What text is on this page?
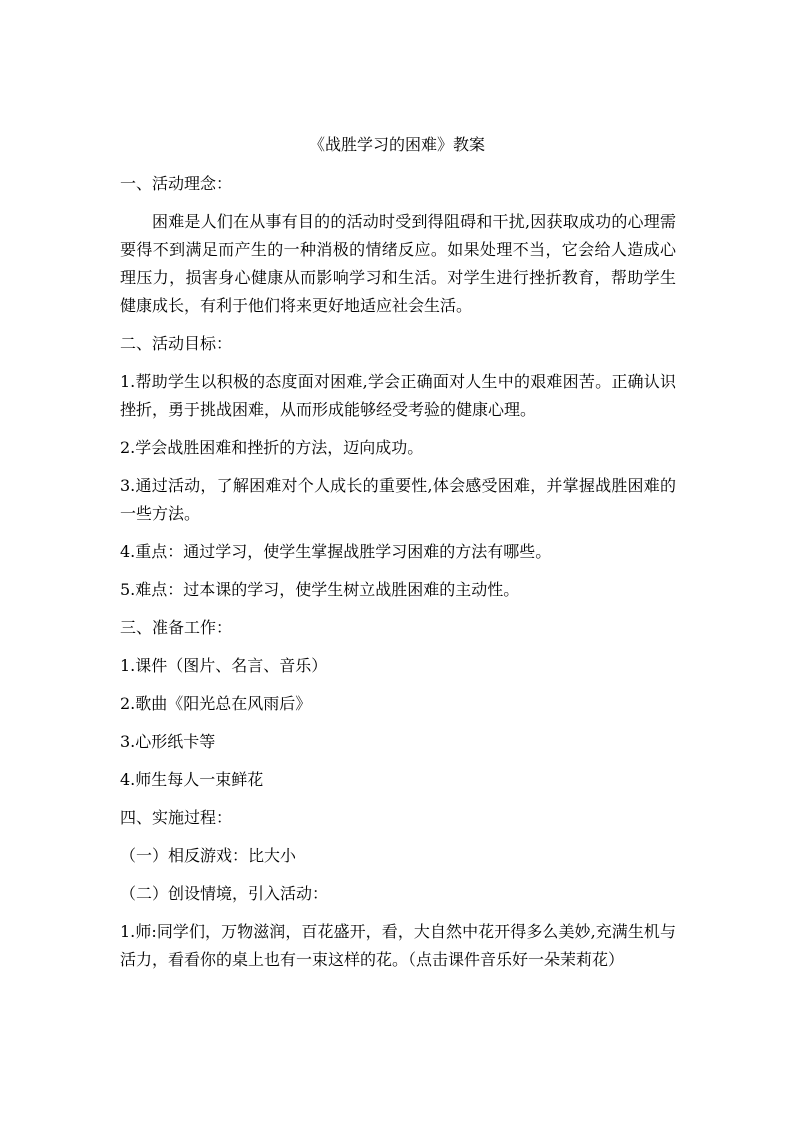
《战胜学习的困难》教案

一、活动理念：

困难是人们在从事有目的的活动时受到得阻碍和干扰,因获取成功的心理需要得不到满足而产生的一种消极的情绪反应。如果处理不当，它会给人造成心理压力，损害身心健康从而影响学习和生活。对学生进行挫折教育，帮助学生健康成长，有利于他们将来更好地适应社会生活。

二、活动目标：

1.帮助学生以积极的态度面对困难,学会正确面对人生中的艰难困苦。正确认识挫折，勇于挑战困难，从而形成能够经受考验的健康心理。

2.学会战胜困难和挫折的方法，迈向成功。

3.通过活动，了解困难对个人成长的重要性,体会感受困难，并掌握战胜困难的一些方法。

4.重点：通过学习，使学生掌握战胜学习困难的方法有哪些。

5.难点：过本课的学习，使学生树立战胜困难的主动性。

三、准备工作：

1.课件（图片、名言、音乐）

2.歌曲《阳光总在风雨后》

3.心形纸卡等

4.师生每人一束鲜花

四、实施过程：

（一）相反游戏：比大小

（二）创设情境，引入活动：

1.师:同学们，万物滋润，百花盛开，看，大自然中花开得多么美妙,充满生机与活力，看看你的桌上也有一束这样的花。（点击课件音乐好一朵茉莉花）
